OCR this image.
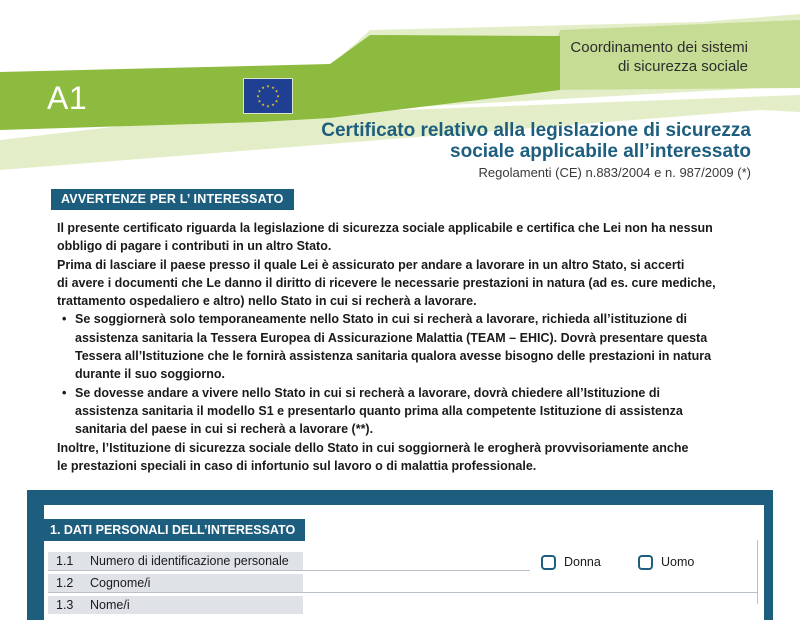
Coordinamento dei sistemi
di sicurezza sociale
A1	★ ★
★
★
★
★
★
★
★
★
★
★
Certificato relativo alla legislazione di sicurezza
sociale applicabile all’interessato
Regolamenti (CE) n.883/2004 e n. 987/2009 (*)
AVVERTENZE PER L’ INTERESSATO

Il presente certificato riguarda la legislazione di sicurezza sociale applicabile e certifica che Lei non ha nessun

obbligo di pagare i contributi in un altro Stato.

Prima di lasciare il paese presso il quale Lei è assicurato per andare a lavorare in un altro Stato, si accerti

di avere i documenti che Le danno il diritto di ricevere le necessarie prestazioni in natura (ad es. cure mediche,

trattamento ospedaliero e altro) nello Stato in cui si recherà a lavorare.

• Se soggiornerà solo temporaneamente nello Stato in cui si recherà a lavorare, richieda all’istituzione di
assistenza sanitaria la Tessera Europea di Assicurazione Malattia (TEAM – EHIC). Dovrà presentare questa
Tessera all’Istituzione che le fornirà assistenza sanitaria qualora avesse bisogno delle prestazioni in natura
durante il suo soggiorno.
• Se dovesse andare a vivere nello Stato in cui si recherà a lavorare, dovrà chiedere all’Istituzione di
assistenza sanitaria il modello S1 e presentarlo quanto prima alla competente Istituzione di assistenza
sanitaria del paese in cui si recherà a lavorare (**).

Inoltre, l’Istituzione di sicurezza sociale dello Stato in cui soggiornerà le erogherà provvisoriamente anche

le prestazioni speciali in caso di infortunio sul lavoro o di malattia professionale.

1. DATI PERSONALI DELL’INTERESSATO
1.1 Numero di identificazione personale	Donna	Uomo
1.2 Cognome/i
1.3 Nome/i
